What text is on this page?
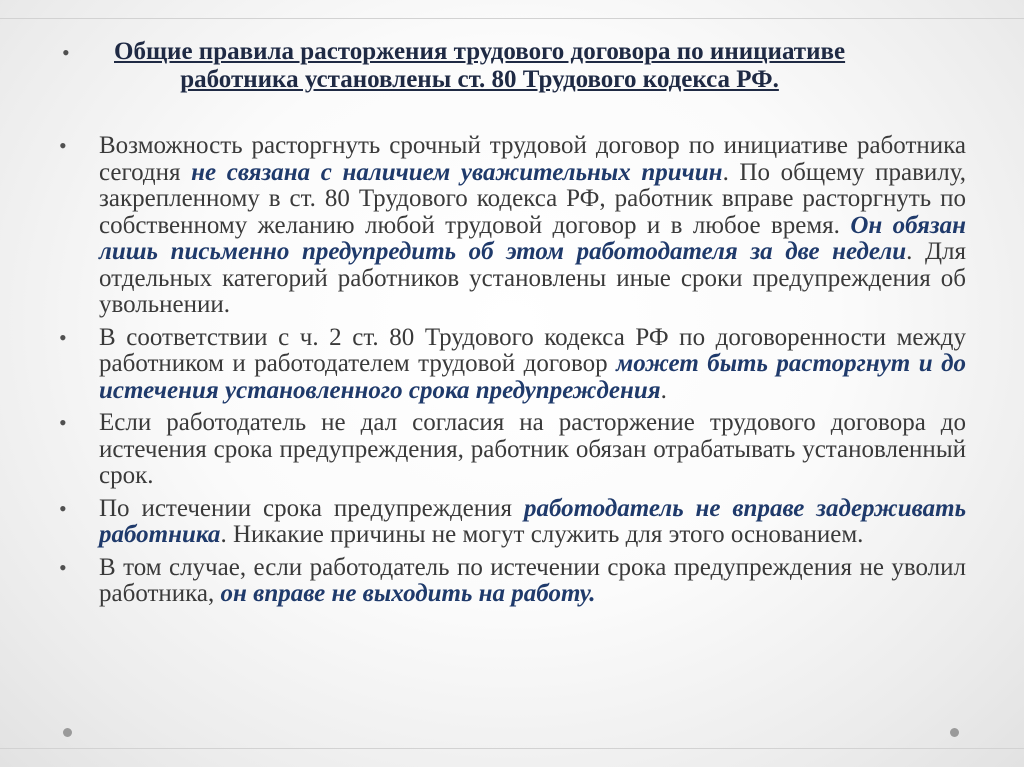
•	Общие правила расторжения трудового договора по инициативе
работника установлены ст. 80 Трудового кодекса РФ.
•	Возможность расторгнуть срочный трудовой договор по инициативе работника сегодня не связана с наличием уважительных причин. По общему правилу, закрепленному в ст. 80 Трудового кодекса РФ, работник вправе расторгнуть по собственному желанию любой трудовой договор и в любое время. Он обязан лишь письменно предупредить об этом работодателя за две недели. Для отдельных категорий работников установлены иные сроки предупреждения об увольнении.
•	В соответствии с ч. 2 ст. 80 Трудового кодекса РФ по договоренности между работником и работодателем трудовой договор может быть расторгнут и до истечения установленного срока предупреждения.
•	Если работодатель не дал согласия на расторжение трудового договора до истечения срока предупреждения, работник обязан отрабатывать установленный срок.
•	По истечении срока предупреждения работодатель не вправе задерживать работника. Никакие причины не могут служить для этого основанием.
•	В том случае, если работодатель по истечении срока предупреждения не уволил работника, он вправе не выходить на работу.
